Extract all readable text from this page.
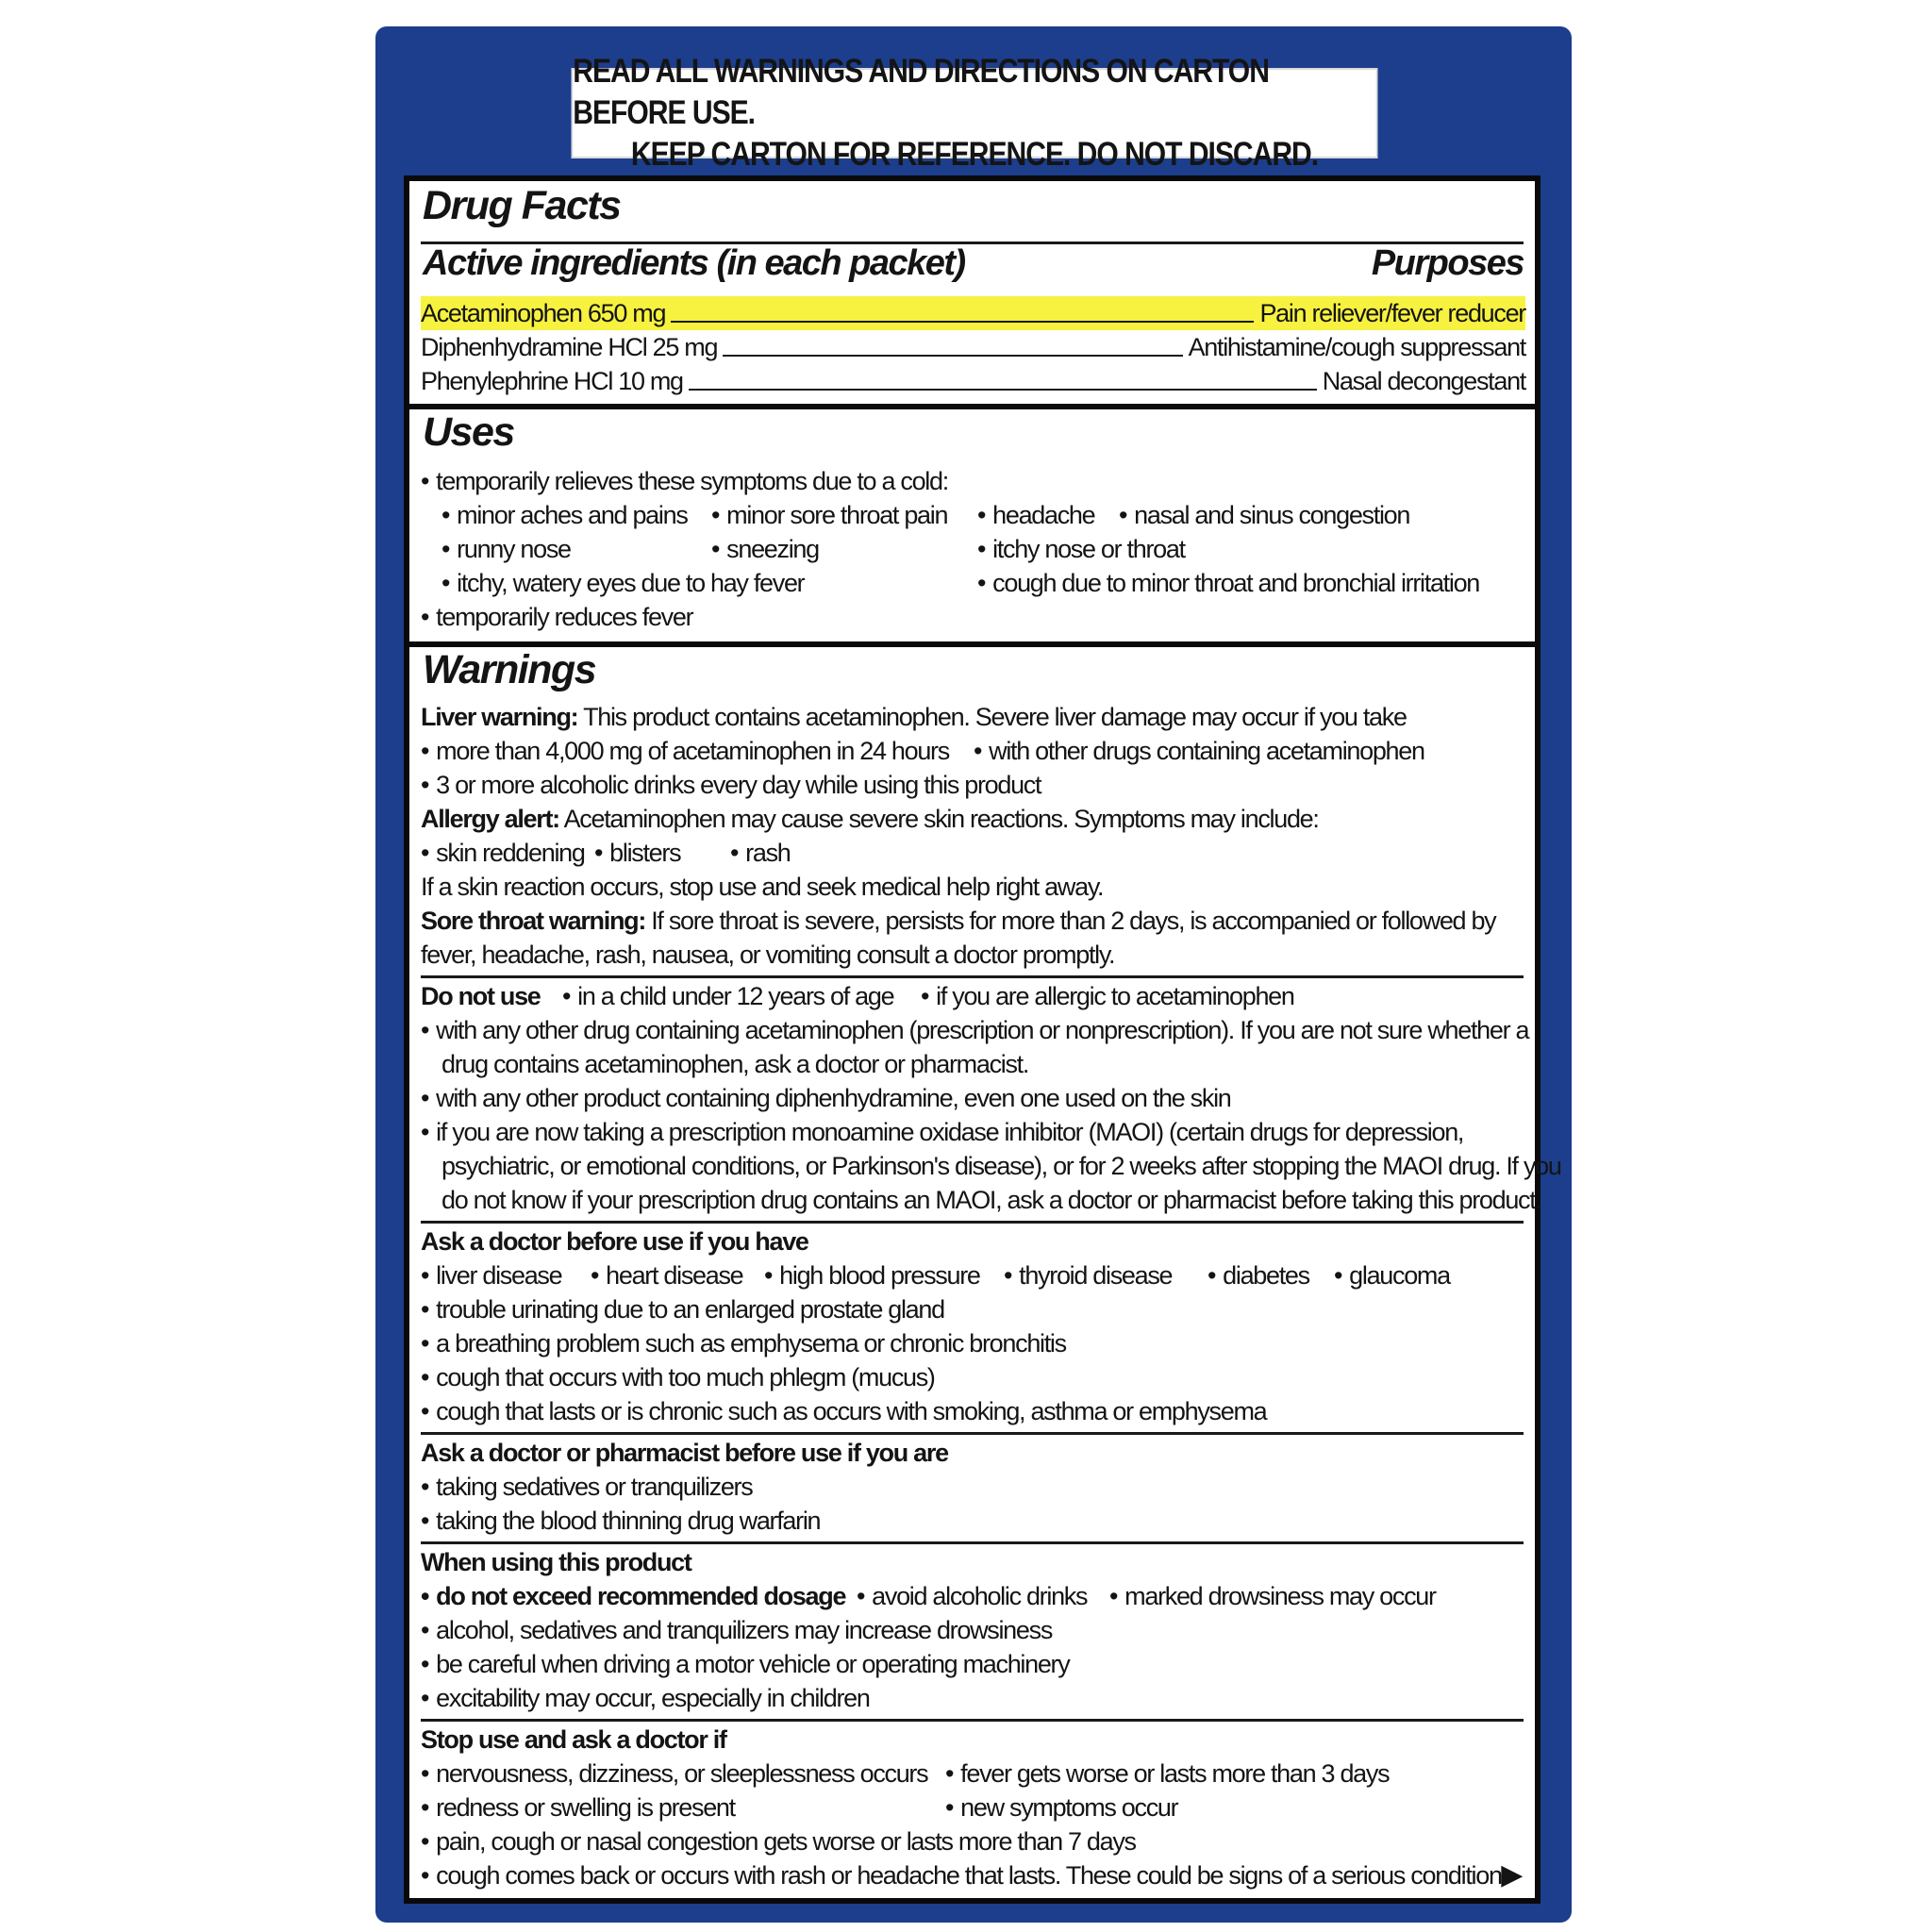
READ ALL WARNINGS AND DIRECTIONS ON CARTON BEFORE USE.
KEEP CARTON FOR REFERENCE. DO NOT DISCARD.
Drug Facts
Active ingredients (in each packet)	Purposes
Acetaminophen 650 mg	Pain reliever/fever reducer
Diphenhydramine HCl 25 mg	Antihistamine/cough suppressant
Phenylephrine HCl 10 mg	Nasal decongestant
Uses
• temporarily relieves these symptoms due to a cold:
• minor aches and pains	• minor sore throat pain	• headache	• nasal and sinus congestion
• runny nose	• sneezing	• itchy nose or throat
• itchy, watery eyes due to hay fever	• cough due to minor throat and bronchial irritation
• temporarily reduces fever
Warnings
Liver warning: This product contains acetaminophen. Severe liver damage may occur if you take
• more than 4,000 mg of acetaminophen in 24 hours	• with other drugs containing acetaminophen
• 3 or more alcoholic drinks every day while using this product
Allergy alert: Acetaminophen may cause severe skin reactions. Symptoms may include:
• skin reddening • blisters	• rash
If a skin reaction occurs, stop use and seek medical help right away.
Sore throat warning: If sore throat is severe, persists for more than 2 days, is accompanied or followed by
fever, headache, rash, nausea, or vomiting consult a doctor promptly.
Do not use	• in a child under 12 years of age	• if you are allergic to acetaminophen
• with any other drug containing acetaminophen (prescription or nonprescription). If you are not sure whether a
drug contains acetaminophen, ask a doctor or pharmacist.
• with any other product containing diphenhydramine, even one used on the skin
• if you are now taking a prescription monoamine oxidase inhibitor (MAOI) (certain drugs for depression,
psychiatric, or emotional conditions, or Parkinson's disease), or for 2 weeks after stopping the MAOI drug. If you
do not know if your prescription drug contains an MAOI, ask a doctor or pharmacist before taking this product.
Ask a doctor before use if you have
• liver disease	• heart disease	• high blood pressure	• thyroid disease	• diabetes	• glaucoma
• trouble urinating due to an enlarged prostate gland
• a breathing problem such as emphysema or chronic bronchitis
• cough that occurs with too much phlegm (mucus)
• cough that lasts or is chronic such as occurs with smoking, asthma or emphysema
Ask a doctor or pharmacist before use if you are
• taking sedatives or tranquilizers
• taking the blood thinning drug warfarin
When using this product
• do not exceed recommended dosage	• avoid alcoholic drinks	• marked drowsiness may occur
• alcohol, sedatives and tranquilizers may increase drowsiness
• be careful when driving a motor vehicle or operating machinery
• excitability may occur, especially in children
Stop use and ask a doctor if
• nervousness, dizziness, or sleeplessness occurs	• fever gets worse or lasts more than 3 days
• redness or swelling is present	• new symptoms occur
• pain, cough or nasal congestion gets worse or lasts more than 7 days
• cough comes back or occurs with rash or headache that lasts. These could be signs of a serious condition.
▶
